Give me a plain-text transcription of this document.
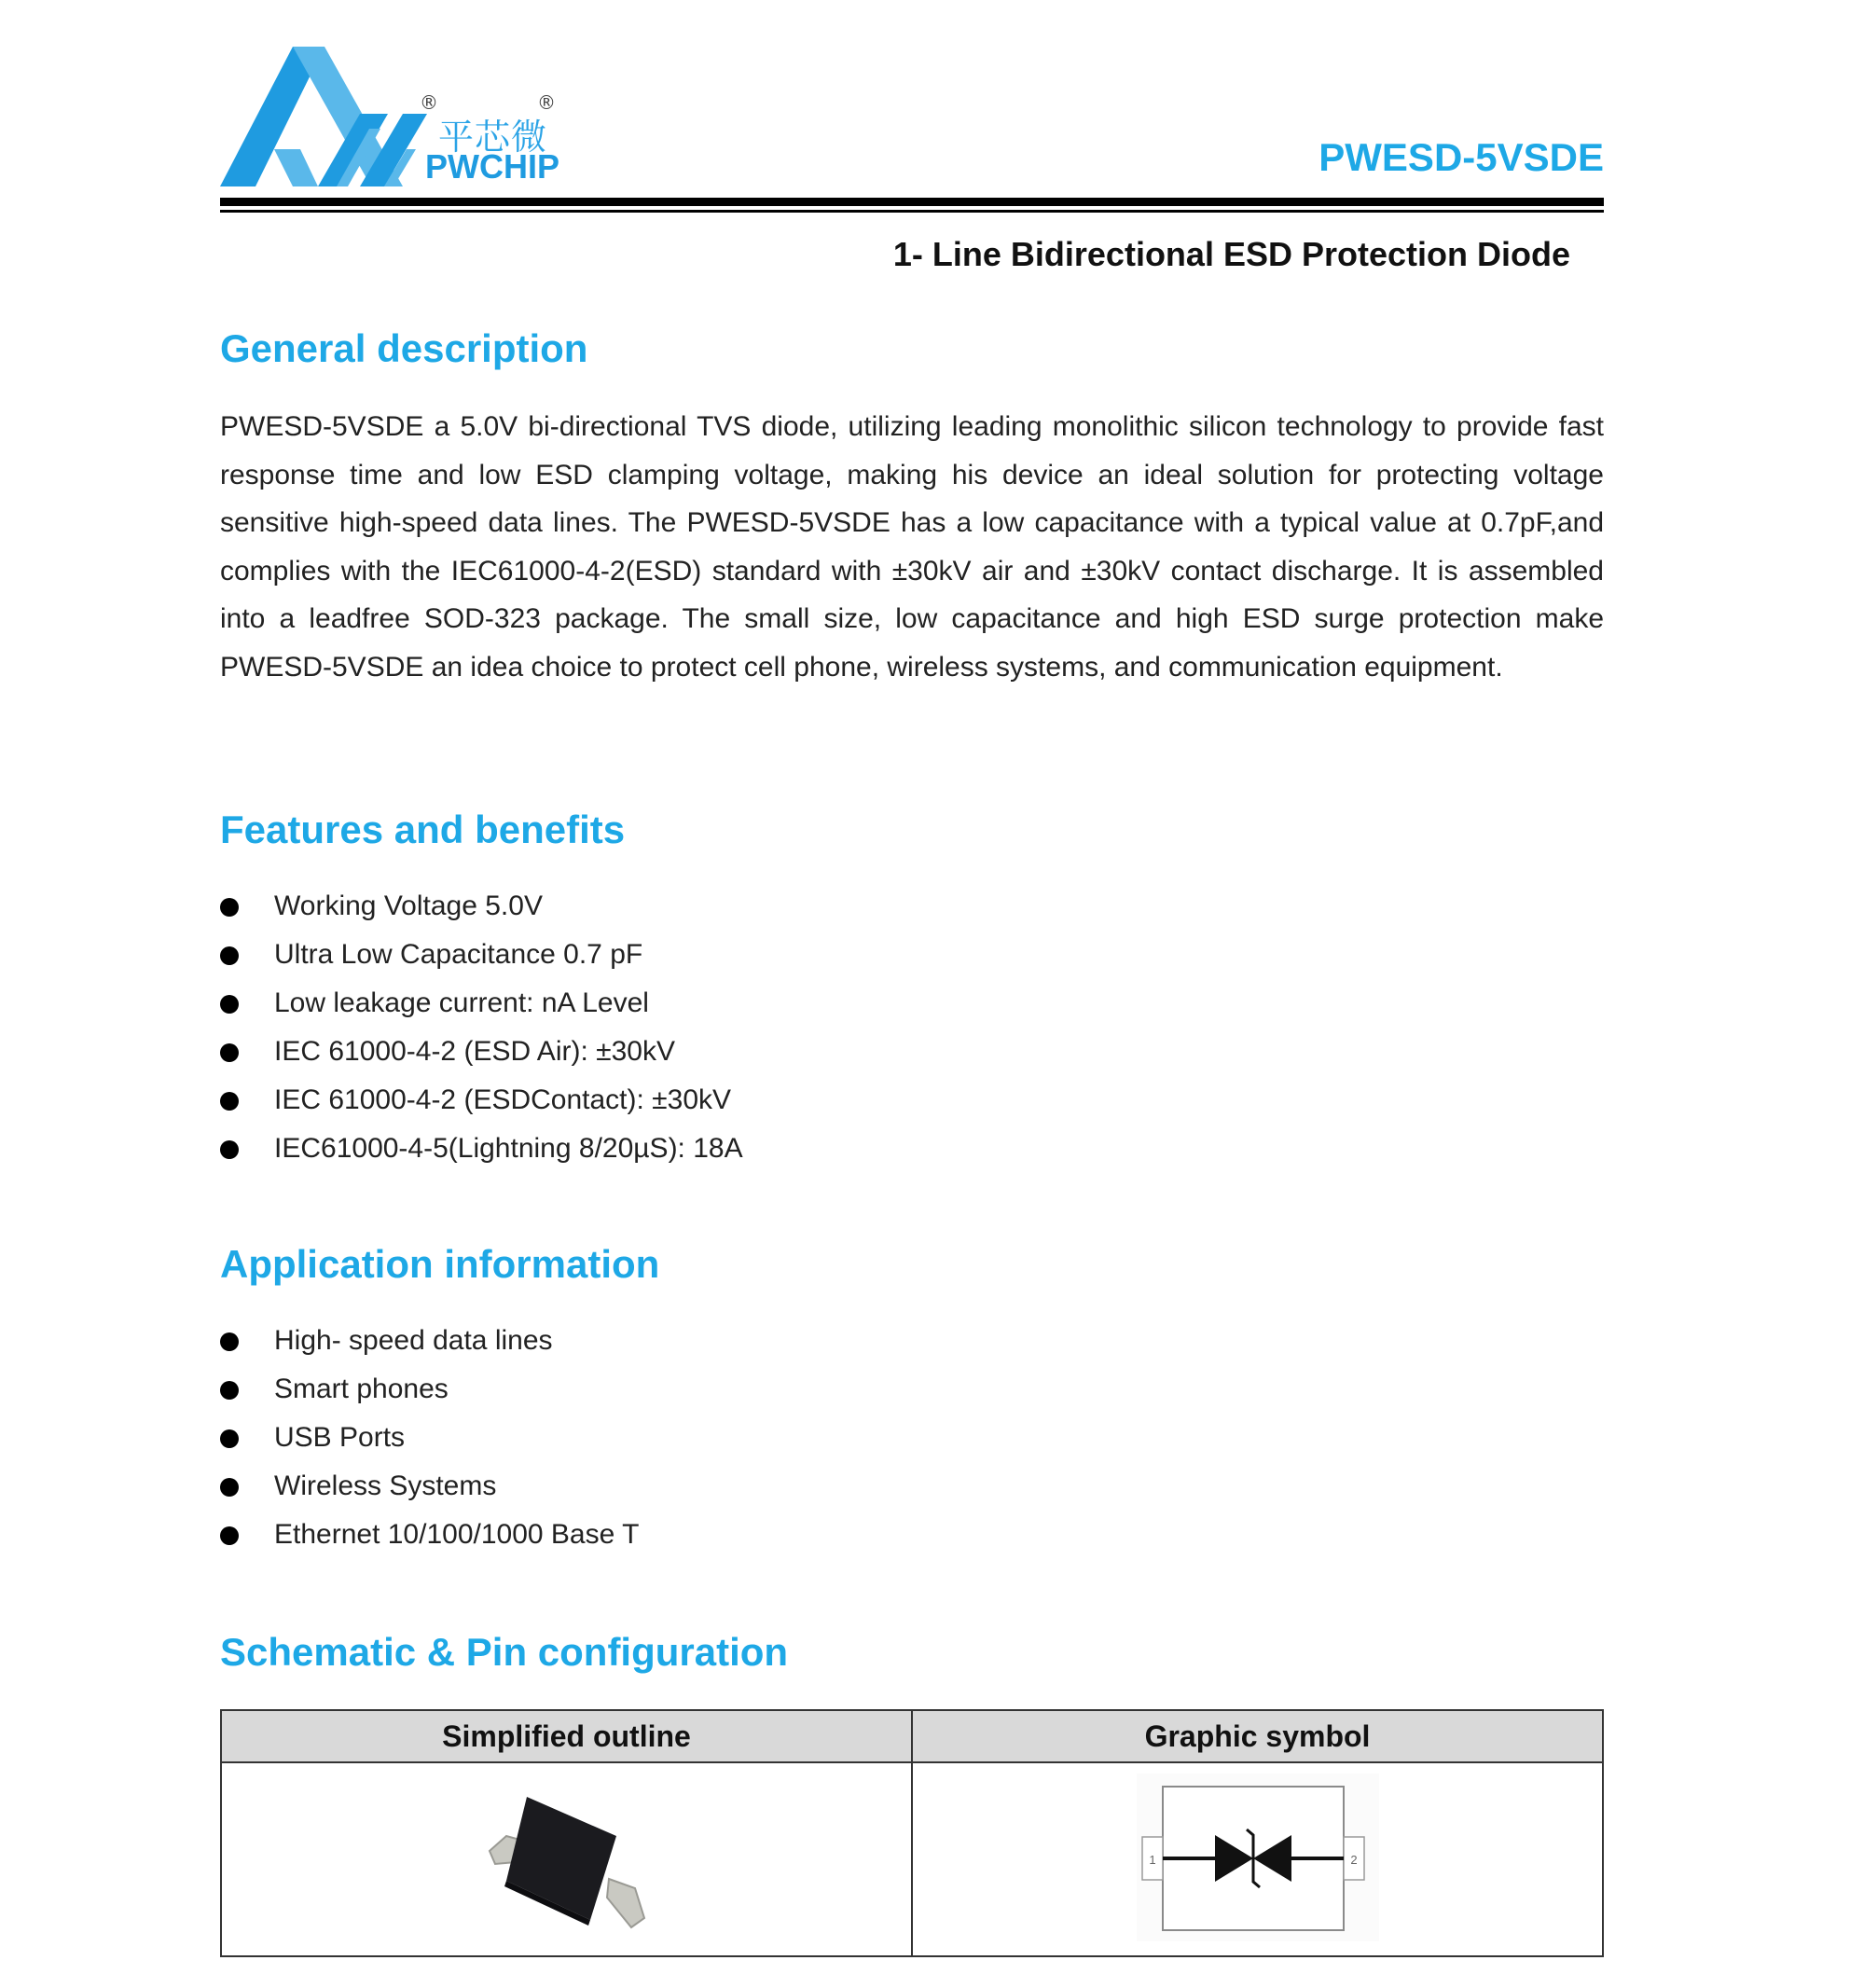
®	®
平芯微
PWCHIP	PWESD-5VSDE
1- Line Bidirectional ESD Protection Diode
General description
PWESD-5VSDE a 5.0V bi-directional TVS diode, utilizing leading monolithic silicon technology to provide fast response time and low ESD clamping voltage, making his device an ideal solution for protecting voltage sensitive high-speed data lines. The PWESD-5VSDE has a low capacitance with a typical value at 0.7pF,and complies with the IEC61000-4-2(ESD) standard with ±30kV air and ±30kV contact discharge. It is assembled into a leadfree SOD-323 package. The small size, low capacitance and high ESD surge protection make PWESD-5VSDE an idea choice to protect cell phone, wireless systems, and communication equipment.
Features and benefits
Working Voltage 5.0V
Ultra Low Capacitance 0.7 pF
Low leakage current: nA Level
IEC 61000-4-2 (ESD Air): ±30kV
IEC 61000-4-2 (ESDContact): ±30kV
IEC61000-4-5(Lightning 8/20µS): 18A
Application information
High- speed data lines
Smart phones
USB Ports
Wireless Systems
Ethernet 10/100/1000 Base T
Schematic & Pin configuration
Simplified outline	Graphic symbol

1 2
